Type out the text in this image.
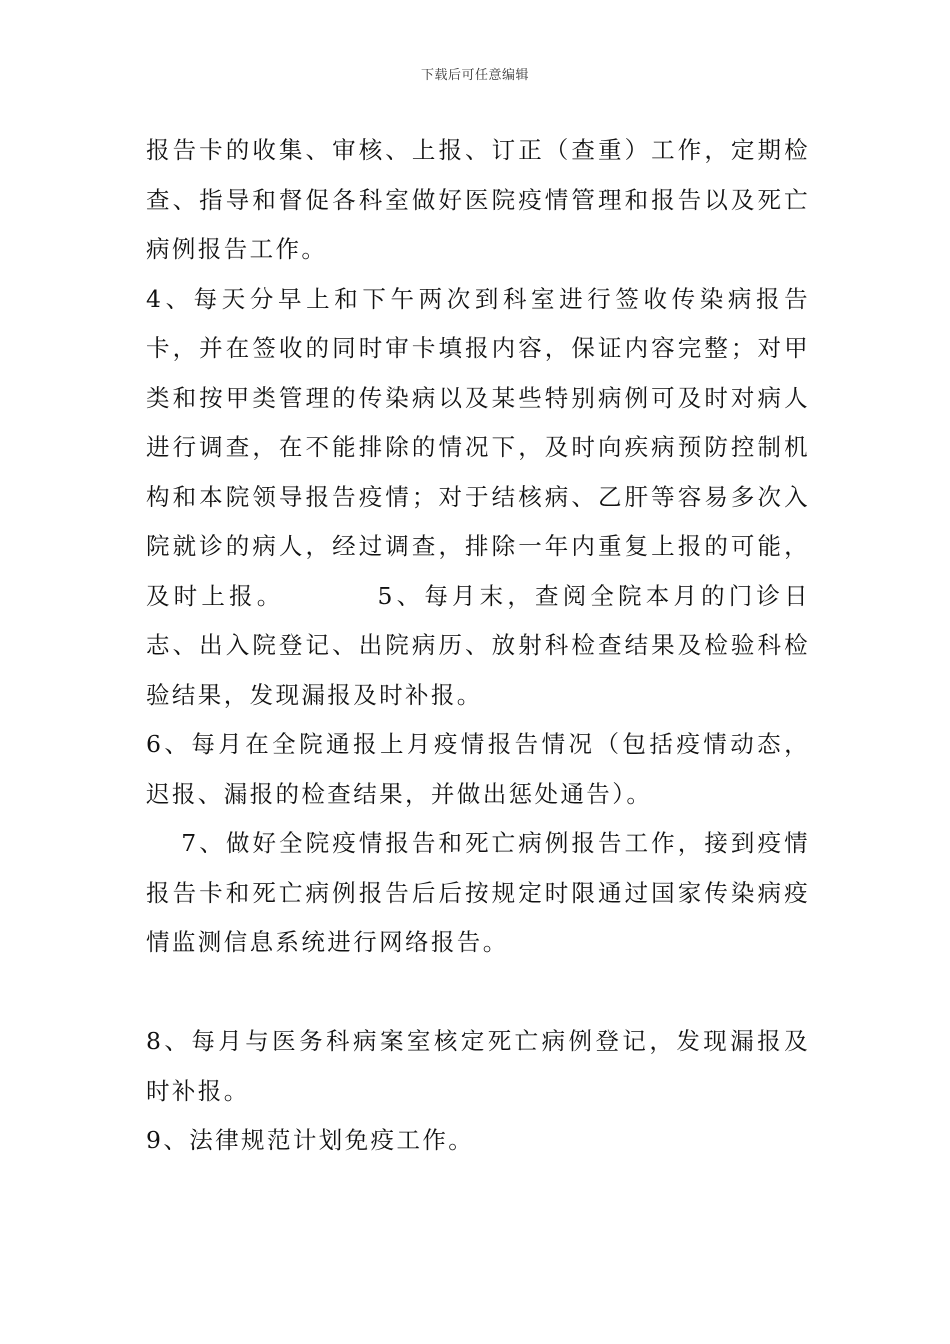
下载后可任意编辑

报告卡的收集、审核、上报、订正（查重）工作，定期检查、指导和督促各科室做好医院疫情管理和报告以及死亡病例报告工作。

4、每天分早上和下午两次到科室进行签收传染病报告卡，并在签收的同时审卡填报内容，保证内容完整；对甲类和按甲类管理的传染病以及某些特别病例可及时对病人进行调查，在不能排除的情况下，及时向疾病预防控制机构和本院领导报告疫情；对于结核病、乙肝等容易多次入院就诊的病人，经过调查，排除一年内重复上报的可能，及时上报。        5、每月末，查阅全院本月的门诊日志、出入院登记、出院病历、放射科检查结果及检验科检验结果，发现漏报及时补报。

6、每月在全院通报上月疫情报告情况（包括疫情动态，迟报、漏报的检查结果，并做出惩处通告）。

7、做好全院疫情报告和死亡病例报告工作，接到疫情报告卡和死亡病例报告后后按规定时限通过国家传染病疫情监测信息系统进行网络报告。

8、每月与医务科病案室核定死亡病例登记，发现漏报及时补报。

9、法律规范计划免疫工作。
